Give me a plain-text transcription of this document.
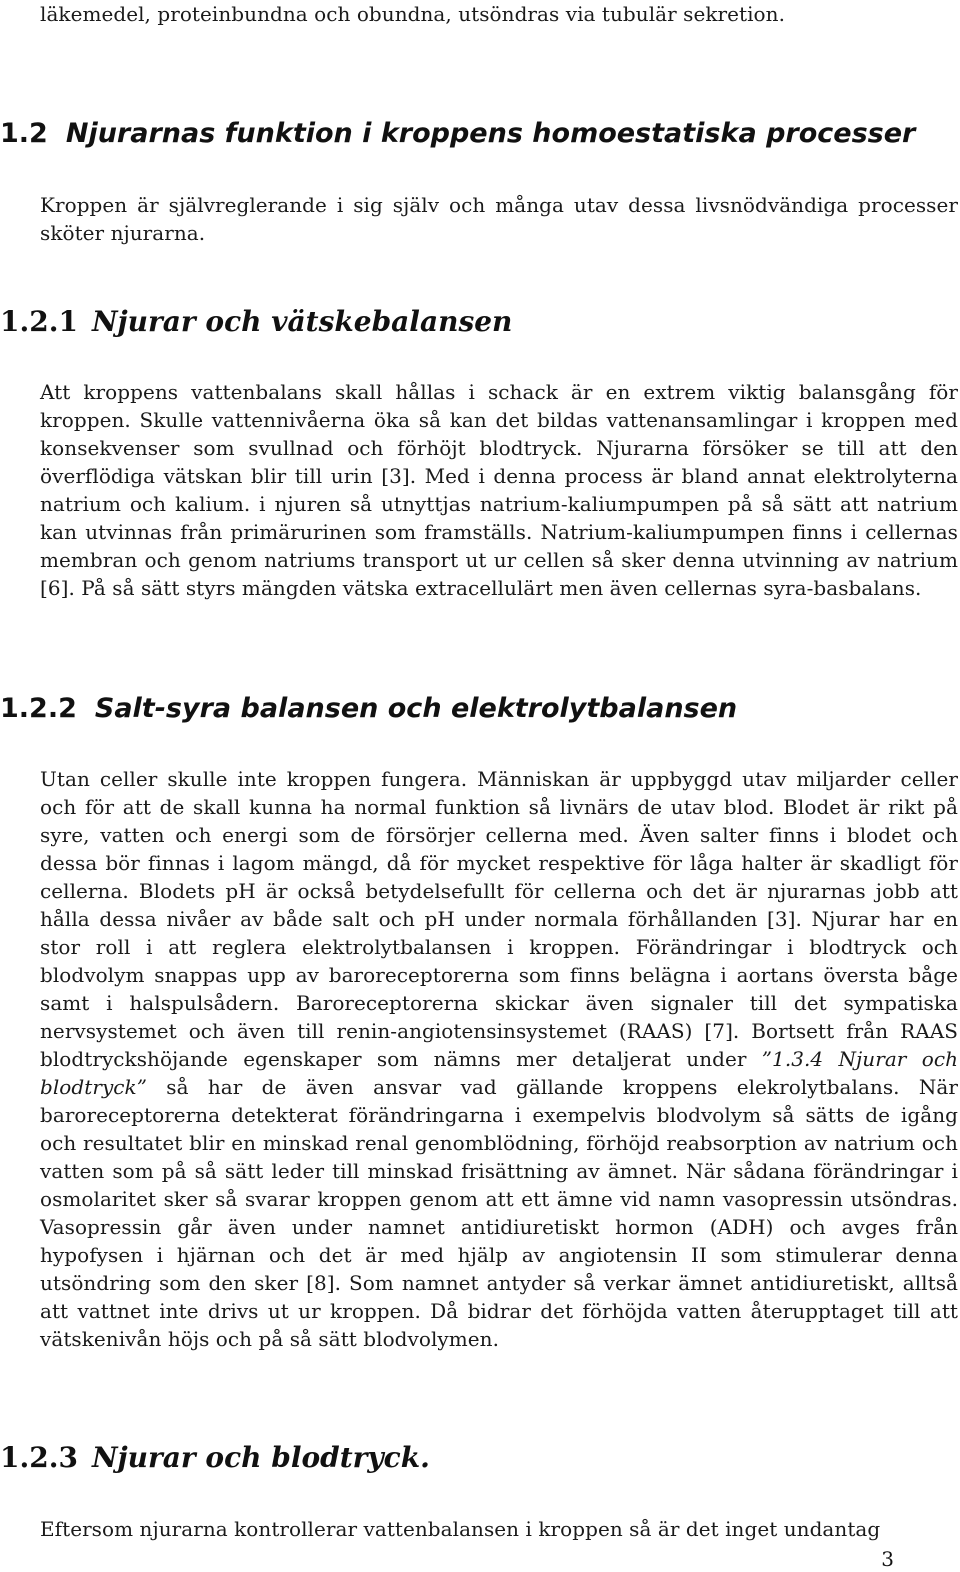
läkemedel, proteinbundna och obundna, utsöndras via tubulär sekretion.
1.2 Njurarnas funktion i kroppens homoestatiska processer
Kroppen är självreglerande i sig själv och många utav dessa livsnödvändiga processer sköter njurarna.
1.2.1 Njurar och vätskebalansen
Att kroppens vattenbalans skall hållas i schack är en extrem viktig balansgång för kroppen. Skulle vattennivåerna öka så kan det bildas vattenansamlingar i kroppen med konsekvenser som svullnad och förhöjt blodtryck. Njurarna försöker se till att den överflödiga vätskan blir till urin [3]. Med i denna process är bland annat elektrolyterna natrium och kalium. i njuren så utnyttjas natrium-kaliumpumpen på så sätt att natrium kan utvinnas från primärurinen som framställs. Natrium-kaliumpumpen finns i cellernas membran och genom natriums transport ut ur cellen så sker denna utvinning av natrium [6]. På så sätt styrs mängden vätska extracellulärt men även cellernas syra-basbalans.
1.2.2 Salt-syra balansen och elektrolytbalansen
Utan celler skulle inte kroppen fungera. Människan är uppbyggd utav miljarder celler och för att de skall kunna ha normal funktion så livnärs de utav blod. Blodet är rikt på syre, vatten och energi som de försörjer cellerna med. Även salter finns i blodet och dessa bör finnas i lagom mängd, då för mycket respektive för låga halter är skadligt för cellerna. Blodets pH är också betydelsefullt för cellerna och det är njurarnas jobb att hålla dessa nivåer av både salt och pH under normala förhållanden [3]. Njurar har en stor roll i att reglera elektrolytbalansen i kroppen. Förändringar i blodtryck och blodvolym snappas upp av baroreceptorerna som finns belägna i aortans översta båge samt i halspulsådern. Baroreceptorerna skickar även signaler till det sympatiska nervsystemet och även till renin-angiotensinsystemet (RAAS) [7]. Bortsett från RAAS blodtryckshöjande egenskaper som nämns mer detaljerat under ”1.3.4 Njurar och blodtryck” så har de även ansvar vad gällande kroppens elekrolytbalans. När baroreceptorerna detekterat förändringarna i exempelvis blodvolym så sätts de igång och resultatet blir en minskad renal genomblödning, förhöjd reabsorption av natrium och vatten som på så sätt leder till minskad frisättning av ämnet. När sådana förändringar i osmolaritet sker så svarar kroppen genom att ett ämne vid namn vasopressin utsöndras. Vasopressin går även under namnet antidiuretiskt hormon (ADH) och avges från hypofysen i hjärnan och det är med hjälp av angiotensin II som stimulerar denna utsöndring som den sker [8]. Som namnet antyder så verkar ämnet antidiuretiskt, alltså att vattnet inte drivs ut ur kroppen. Då bidrar det förhöjda vatten återupptaget till att vätskenivån höjs och på så sätt blodvolymen.
1.2.3 Njurar och blodtryck.
Eftersom njurarna kontrollerar vattenbalansen i kroppen så är det inget undantag
3
